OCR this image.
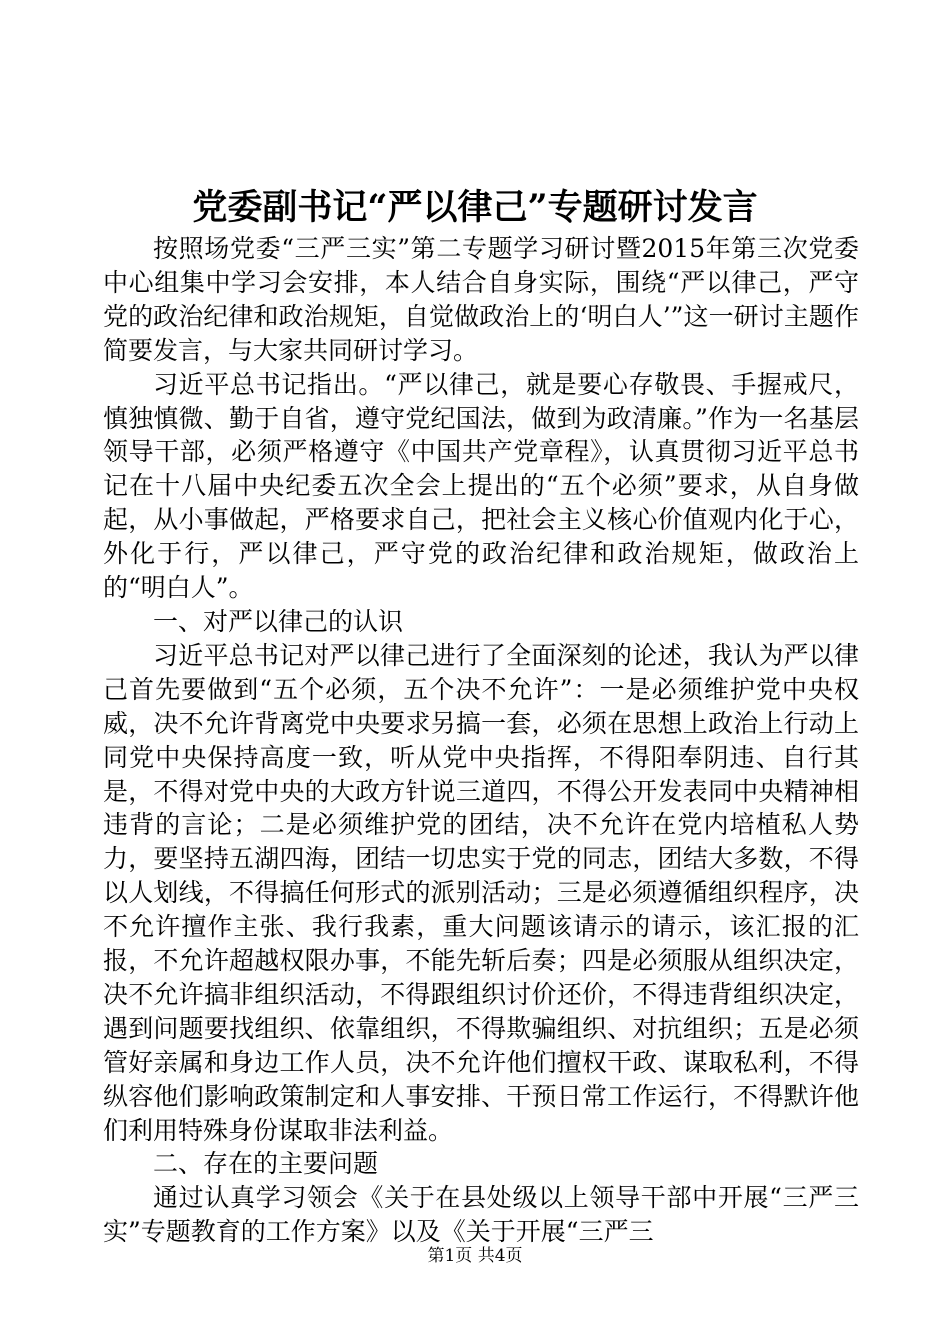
党委副书记“严以律己”专题研讨发言

按照场党委“三严三实”第二专题学习研讨暨2015年第三次党委中心组集中学习会安排，本人结合自身实际，围绕“严以律己，严守党的政治纪律和政治规矩，自觉做政治上的‘明白人’”这一研讨主题作简要发言，与大家共同研讨学习。

习近平总书记指出。“严以律己，就是要心存敬畏、手握戒尺，慎独慎微、勤于自省，遵守党纪国法，做到为政清廉。”作为一名基层领导干部，必须严格遵守《中国共产党章程》，认真贯彻习近平总书记在十八届中央纪委五次全会上提出的“五个必须”要求，从自身做起，从小事做起，严格要求自己，把社会主义核心价值观内化于心，外化于行，严以律己，严守党的政治纪律和政治规矩，做政治上的“明白人”。

一、对严以律己的认识

习近平总书记对严以律己进行了全面深刻的论述，我认为严以律己首先要做到“五个必须，五个决不允许”：一是必须维护党中央权威，决不允许背离党中央要求另搞一套，必须在思想上政治上行动上同党中央保持高度一致，听从党中央指挥，不得阳奉阴违、自行其是，不得对党中央的大政方针说三道四，不得公开发表同中央精神相违背的言论；二是必须维护党的团结，决不允许在党内培植私人势力，要坚持五湖四海，团结一切忠实于党的同志，团结大多数，不得以人划线，不得搞任何形式的派别活动；三是必须遵循组织程序，决不允许擅作主张、我行我素，重大问题该请示的请示，该汇报的汇报，不允许超越权限办事，不能先斩后奏；四是必须服从组织决定，决不允许搞非组织活动，不得跟组织讨价还价，不得违背组织决定，遇到问题要找组织、依靠组织，不得欺骗组织、对抗组织；五是必须管好亲属和身边工作人员，决不允许他们擅权干政、谋取私利，不得纵容他们影响政策制定和人事安排、干预日常工作运行，不得默许他们利用特殊身份谋取非法利益。

二、存在的主要问题

通过认真学习领会《关于在县处级以上领导干部中开展“三严三实”专题教育的工作方案》以及《关于开展“三严三

第1页 共4页
